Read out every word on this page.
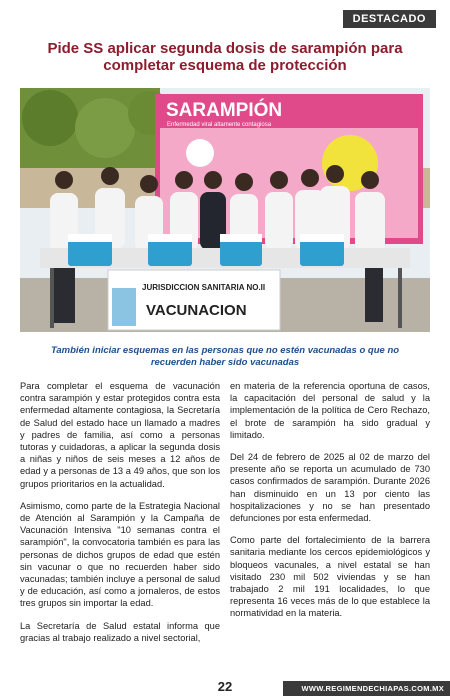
DESTACADO
Pide SS aplicar segunda dosis de sarampión para completar esquema de protección
SARAMPIÓN
Enfermedad viral altamente contagiosa
JURISDICCION SANITARIA NO.II
VACUNACION

También iniciar esquemas en las personas que no estén vacunadas o que no recuerden haber sido vacunadas

Para completar el esquema de vacunación contra sarampión y estar protegidos contra esta enfermedad altamente contagiosa, la Secretaría de Salud del estado hace un llamado a madres y padres de familia, así como a personas tutoras y cuidadoras, a aplicar la segunda dosis a niñas y niños de seis meses a 12 años de edad y a personas de 13 a 49 años, que son los grupos prioritarios en la actualidad.

Asimismo, como parte de la Estrategia Nacional de Atención al Sarampión y la Campaña de Vacunación Intensiva "10 semanas contra el sarampión", la convocatoria también es para las personas de dichos grupos de edad que estén sin vacunar o que no recuerden haber sido vacunadas; también incluye a personal de salud y de educación, así como a jornaleros, de estos tres grupos sin importar la edad.

La Secretaría de Salud estatal informa que gracias al trabajo realizado a nivel sectorial,

en materia de la referencia oportuna de casos, la capacitación del personal de salud y la implementación de la política de Cero Rechazo, el brote de sarampión ha sido gradual y limitado.

Del 24 de febrero de 2025 al 02 de marzo del presente año se reporta un acumulado de 730 casos confirmados de sarampión. Durante 2026 han disminuido en un 13 por ciento las hospitalizaciones y no se han presentado defunciones por esta enfermedad.

Como parte del fortalecimiento de la barrera sanitaria mediante los cercos epidemiológicos y bloqueos vacunales, a nivel estatal se han visitado 230 mil 502 viviendas y se han trabajado 2 mil 191 localidades, lo que representa 16 veces más de lo que establece la normatividad en la materia.

22	WWW.REGIMENDECHIAPAS.COM.MX
